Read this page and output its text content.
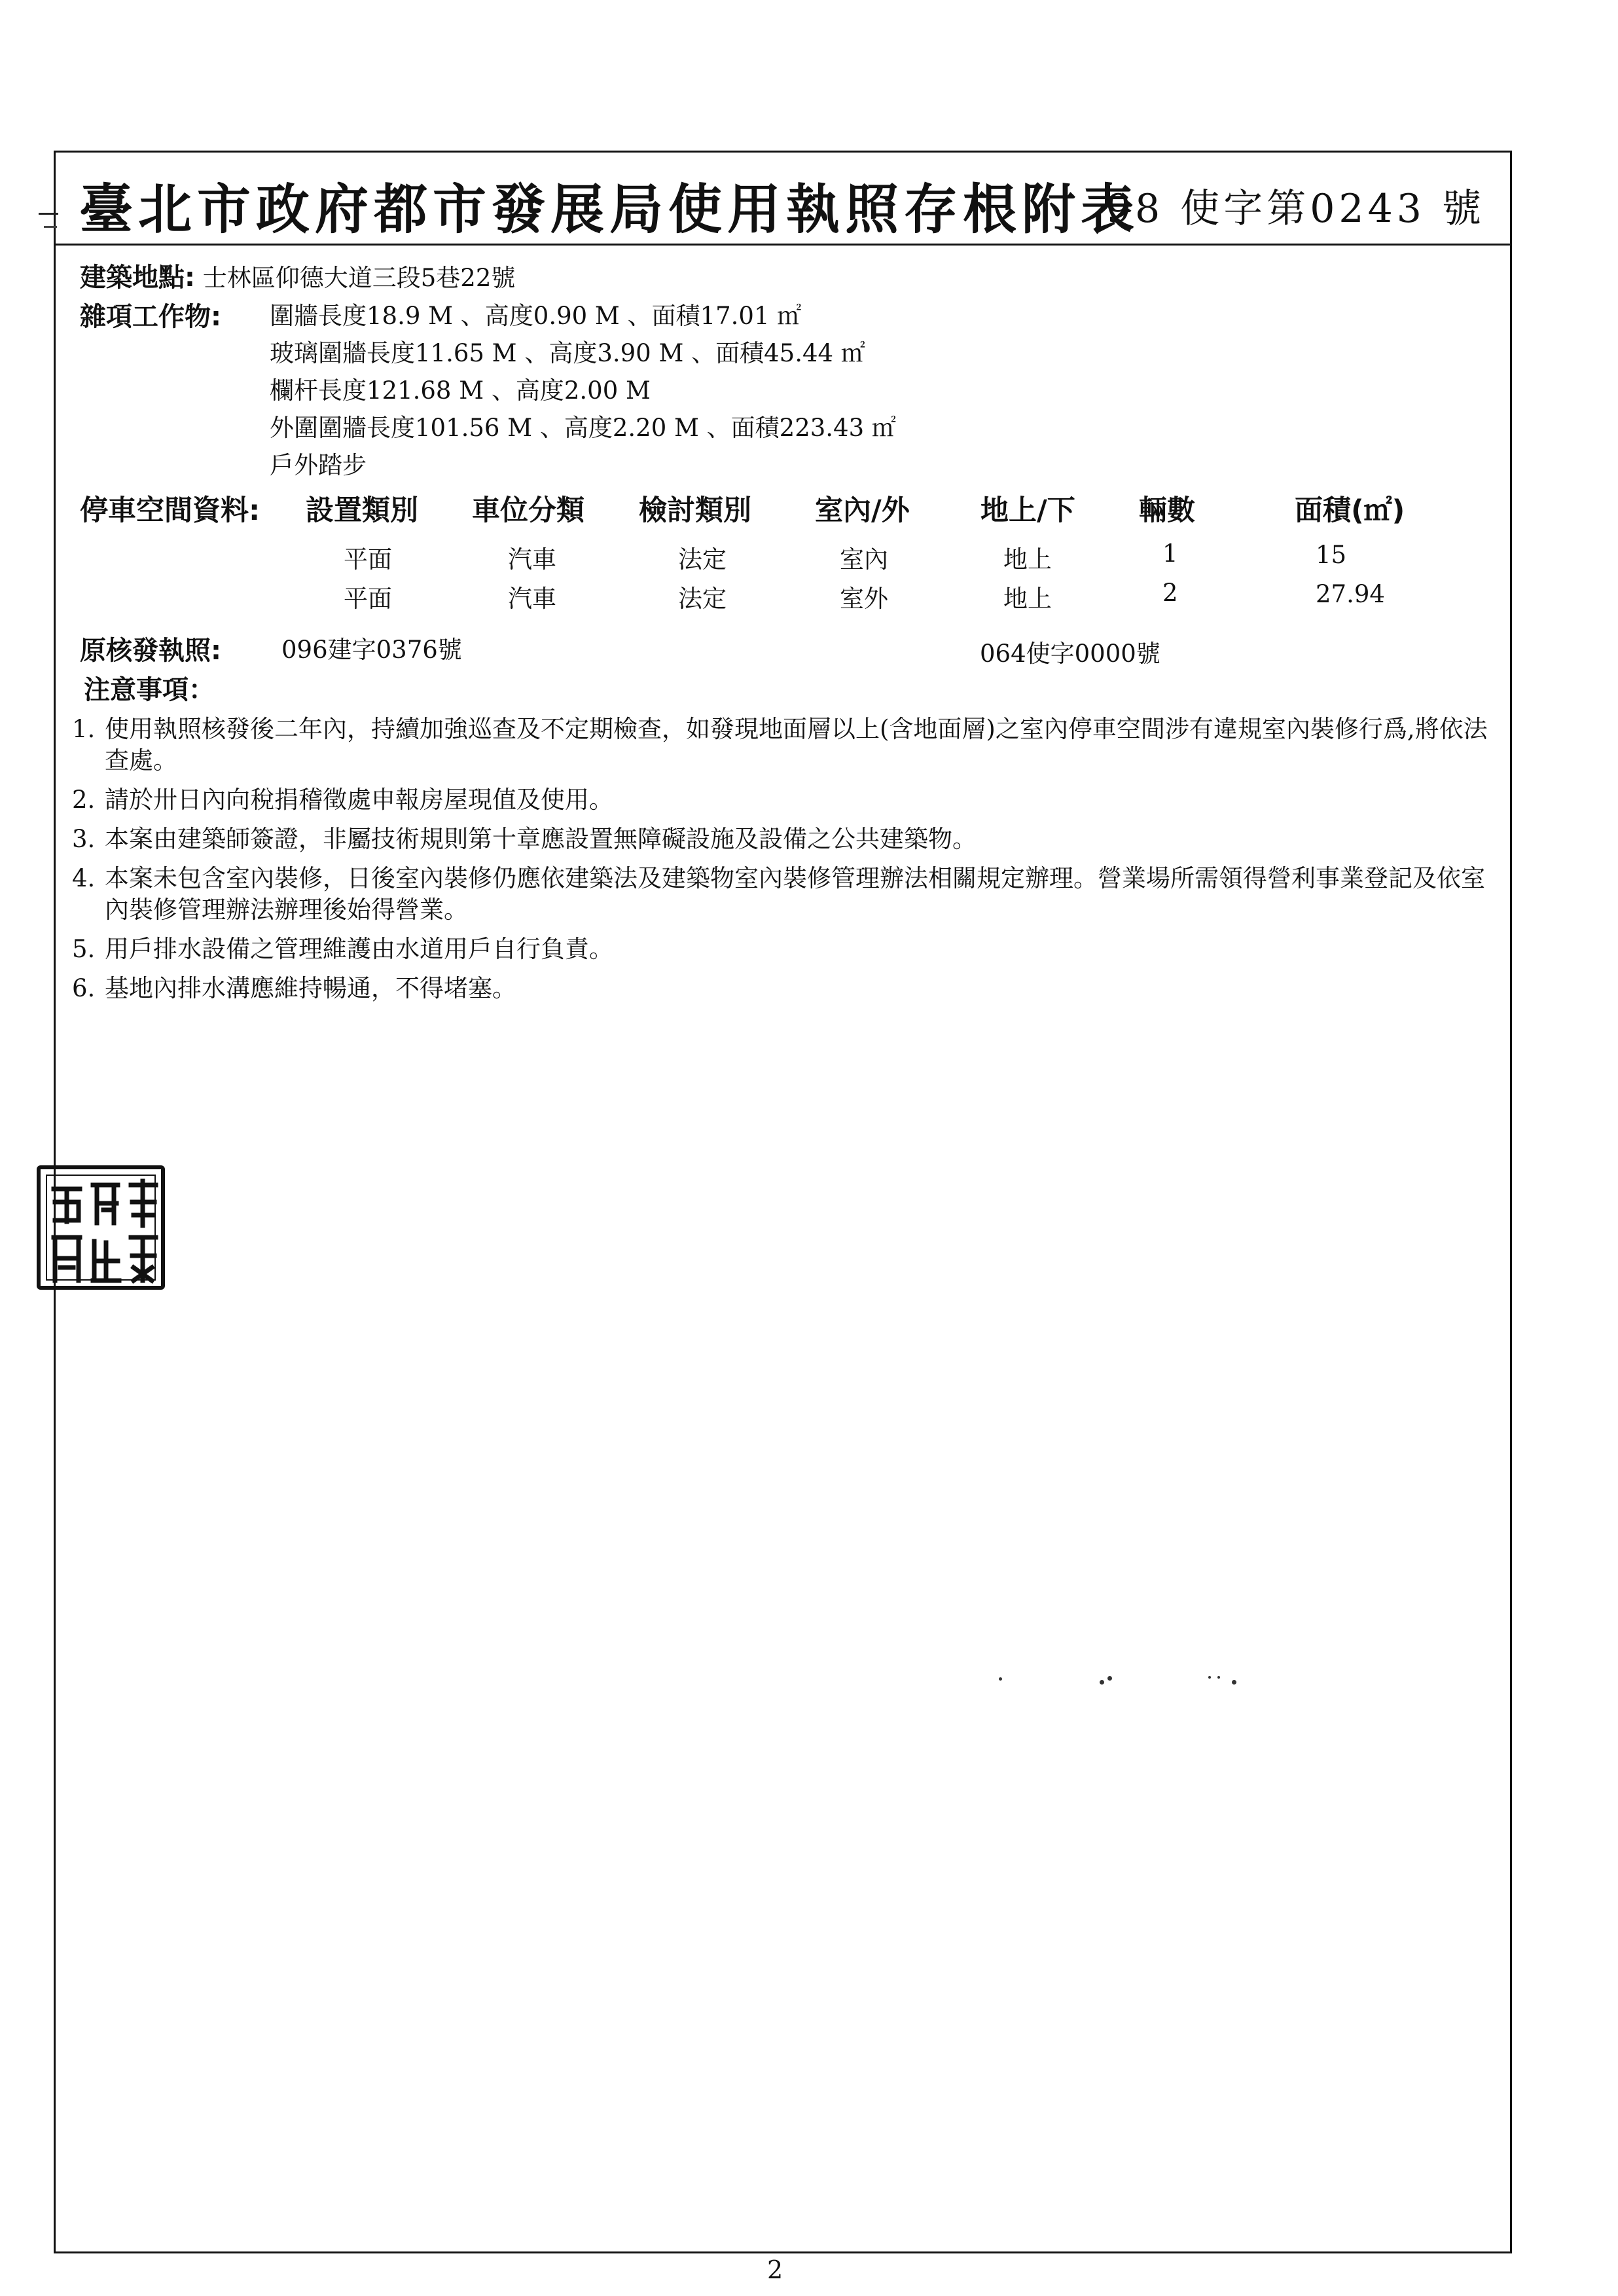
臺北市政府都市發展局使用執照存根附表
98 使字第0243 號
建築地點: 士林區仰德大道三段5巷22號
雜項工作物: 圍牆長度18.9 M 、高度0.90 M 、面積17.01 ㎡
玻璃圍牆長度11.65 M 、高度3.90 M 、面積45.44 ㎡
欄杆長度121.68 M 、高度2.00 M
外圍圍牆長度101.56 M 、高度2.20 M 、面積223.43 ㎡
戶外踏步
停車空間資料: 設置類別 車位分類 檢討類別 室內/外	地上/下 輛數	面積(㎡)
平面	汽車	法定	室內	地上	1	15
平面	汽車	法定	室外	地上	2	27.94
原核發執照: 096建字0376號	064使字0000號
注意事項：
1. 使用執照核發後二年內，持續加強巡查及不定期檢查，如發現地面層以上(含地面層)之室內停車空間涉有違規室內裝修行爲,將依法查處。
2. 請於卅日內向稅捐稽徵處申報房屋現值及使用。
3. 本案由建築師簽證，非屬技術規則第十章應設置無障礙設施及設備之公共建築物。
4. 本案未包含室內裝修，日後室內裝修仍應依建築法及建築物室內裝修管理辦法相關規定辦理。營業場所需領得營利事業登記及依室內裝修管理辦法辦理後始得營業。
5. 用戶排水設備之管理維護由水道用戶自行負責。
6. 基地內排水溝應維持暢通，不得堵塞。
2
